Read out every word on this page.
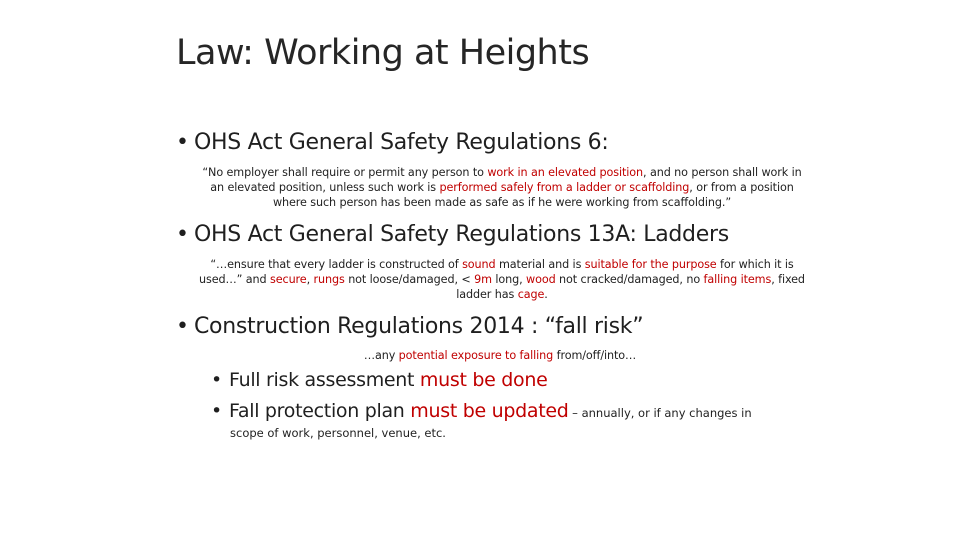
Law: Working at Heights
• OHS Act General Safety Regulations 6:
“No employer shall require or permit any person to work in an elevated position, and no person shall work in an elevated position, unless such work is performed safely from a ladder or scaffolding, or from a position where such person has been made as safe as if he were working from scaffolding.”
• OHS Act General Safety Regulations 13A: Ladders
“…ensure that every ladder is constructed of sound material and is suitable for the purpose for which it is used…” and secure, rungs not loose/damaged, < 9m long, wood not cracked/damaged, no falling items, fixed ladder has cage.
• Construction Regulations 2014 : “fall risk”
…any potential exposure to falling from/off/into…
• Full risk assessment must be done
• Fall protection plan must be updated – annually, or if any changes in
scope of work, personnel, venue, etc.
